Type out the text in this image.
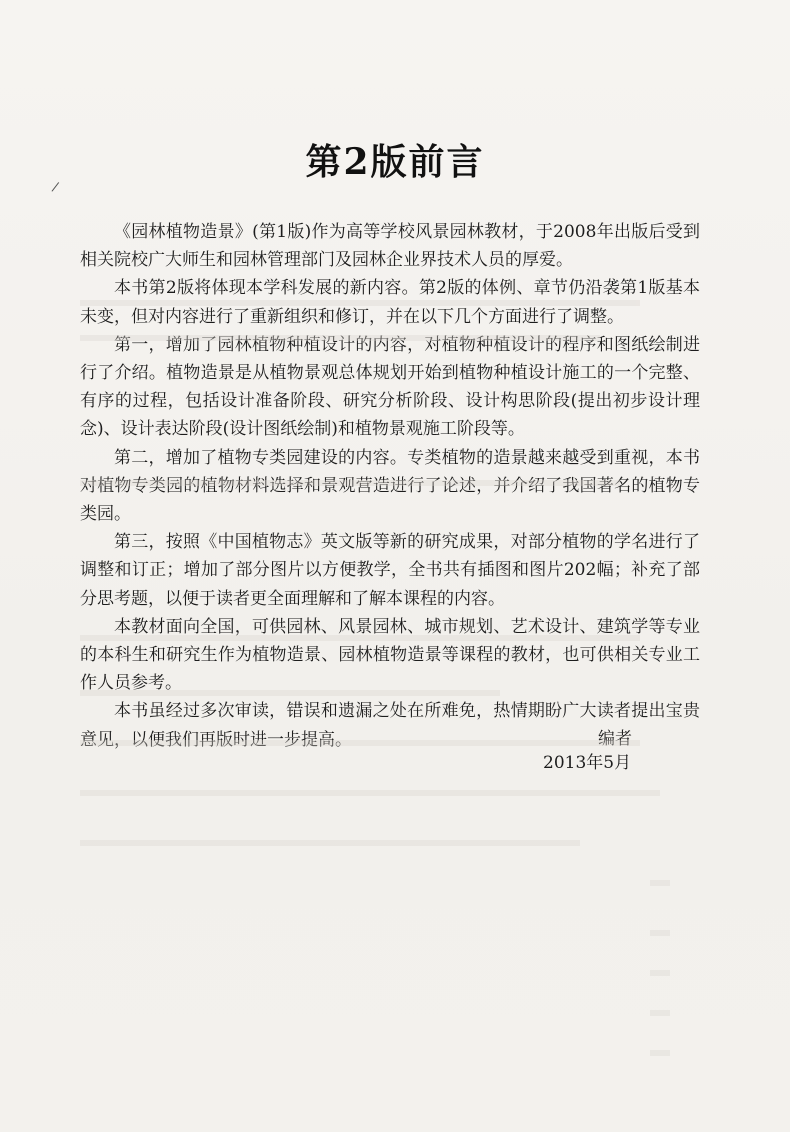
第2版前言
/

《园林植物造景》(第1版)作为高等学校风景园林教材，于2008年出版后受到相关院校广大师生和园林管理部门及园林企业界技术人员的厚爱。

本书第2版将体现本学科发展的新内容。第2版的体例、章节仍沿袭第1版基本未变，但对内容进行了重新组织和修订，并在以下几个方面进行了调整。

第一，增加了园林植物种植设计的内容，对植物种植设计的程序和图纸绘制进行了介绍。植物造景是从植物景观总体规划开始到植物种植设计施工的一个完整、有序的过程，包括设计准备阶段、研究分析阶段、设计构思阶段(提出初步设计理念)、设计表达阶段(设计图纸绘制)和植物景观施工阶段等。

第二，增加了植物专类园建设的内容。专类植物的造景越来越受到重视，本书对植物专类园的植物材料选择和景观营造进行了论述，并介绍了我国著名的植物专类园。

第三，按照《中国植物志》英文版等新的研究成果，对部分植物的学名进行了调整和订正；增加了部分图片以方便教学，全书共有插图和图片202幅；补充了部分思考题，以便于读者更全面理解和了解本课程的内容。

本教材面向全国，可供园林、风景园林、城市规划、艺术设计、建筑学等专业的本科生和研究生作为植物造景、园林植物造景等课程的教材，也可供相关专业工作人员参考。

本书虽经过多次审读，错误和遗漏之处在所难免，热情期盼广大读者提出宝贵意见，以便我们再版时进一步提高。	编者
2013年5月
